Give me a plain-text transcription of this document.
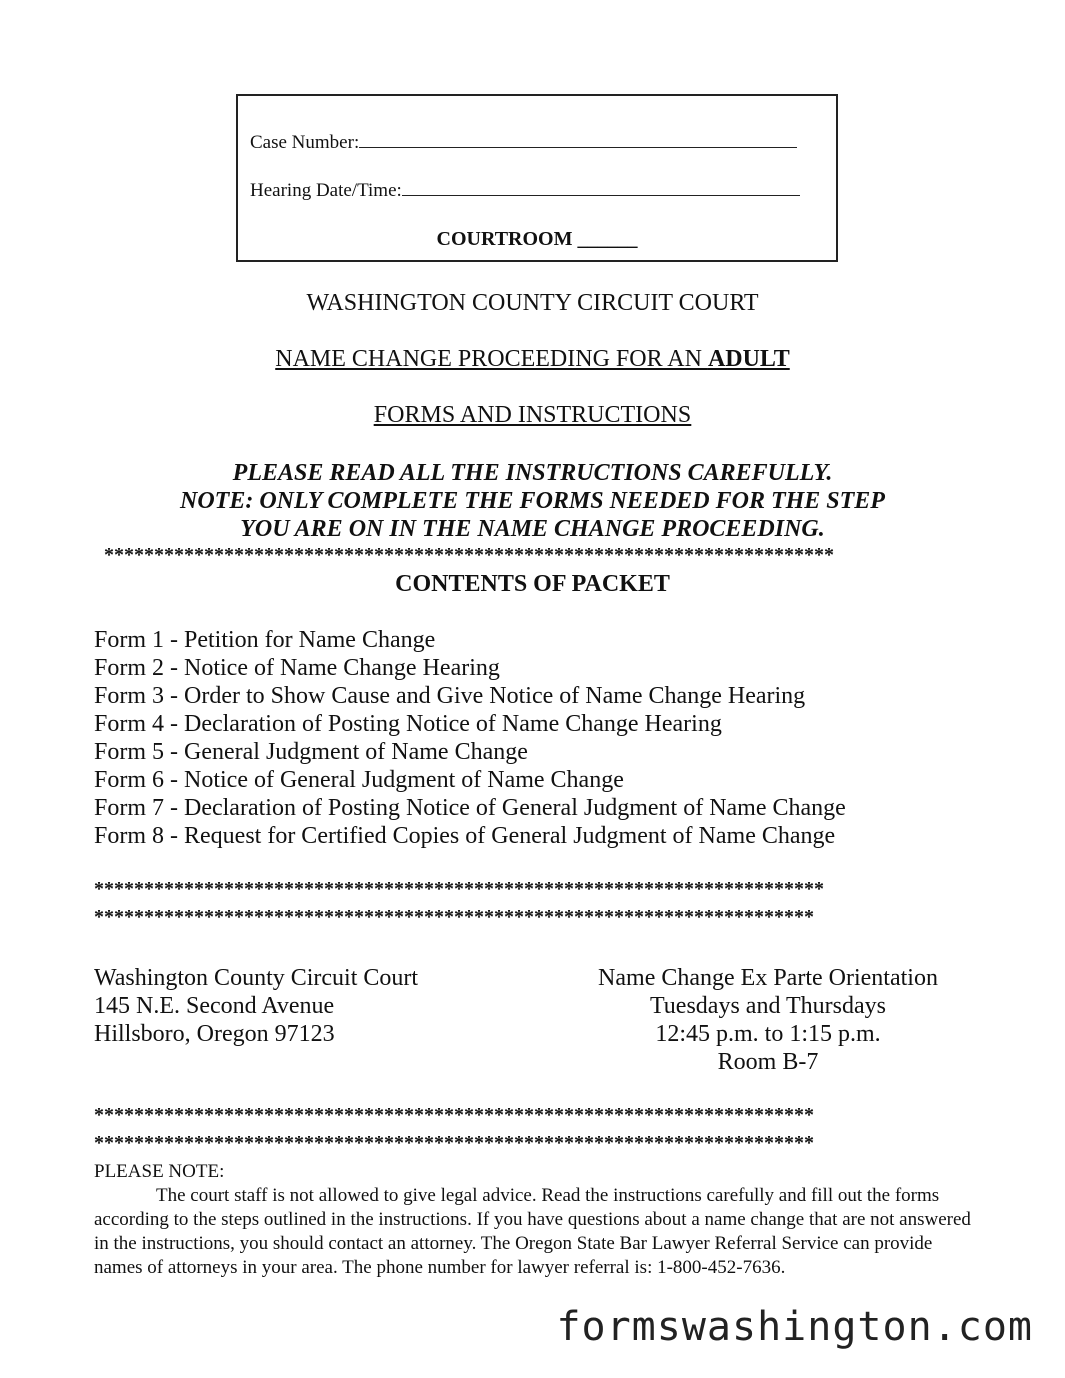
Case Number:
Hearing Date/Time:
COURTROOM ______
WASHINGTON COUNTY CIRCUIT COURT
NAME CHANGE PROCEEDING FOR AN ADULT
FORMS AND INSTRUCTIONS
PLEASE READ ALL THE INSTRUCTIONS CAREFULLY.
NOTE: ONLY COMPLETE THE FORMS NEEDED FOR THE STEP
YOU ARE ON IN THE NAME CHANGE PROCEEDING.
*************************************************************************
CONTENTS OF PACKET
Form 1 - Petition for Name Change
Form 2 - Notice of Name Change Hearing
Form 3 - Order to Show Cause and Give Notice of Name Change Hearing
Form 4 - Declaration of Posting Notice of Name Change Hearing
Form 5 - General Judgment of Name Change
Form 6 - Notice of General Judgment of Name Change
Form 7 - Declaration of Posting Notice of General Judgment of Name Change
Form 8 - Request for Certified Copies of General Judgment of Name Change
*************************************************************************
************************************************************************
Washington County Circuit Court
145 N.E. Second Avenue
Hillsboro, Oregon 97123
Name Change Ex Parte Orientation
Tuesdays and Thursdays
12:45 p.m. to 1:15 p.m.
Room B-7
************************************************************************
************************************************************************
PLEASE NOTE:
The court staff is not allowed to give legal advice. Read the instructions carefully and fill out the forms according to the steps outlined in the instructions. If you have questions about a name change that are not answered in the instructions, you should contact an attorney. The Oregon State Bar Lawyer Referral Service can provide names of attorneys in your area. The phone number for lawyer referral is: 1-800-452-7636.
formswashington.com
